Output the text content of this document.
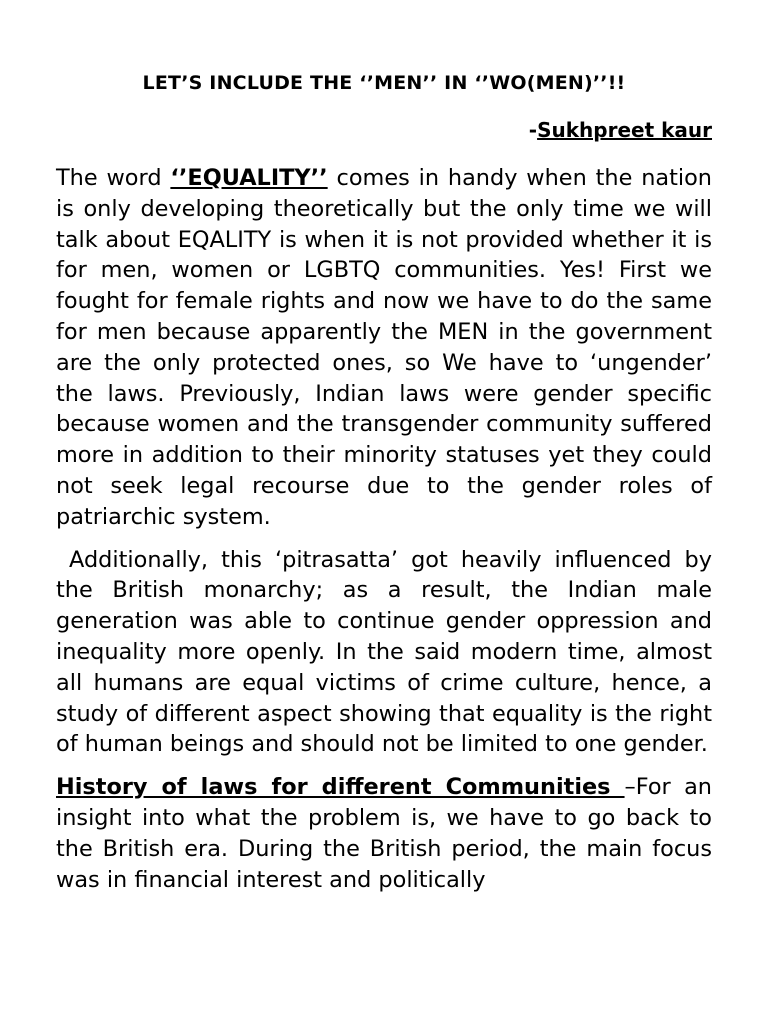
LET’S INCLUDE THE ‘’MEN’’ IN ‘’WO(MEN)’’!!
-Sukhpreet kaur

The word ‘’EQUALITY’’ comes in handy when the nation is only developing theoretically but the only time we will talk about EQALITY is when it is not provided whether it is for men, women or LGBTQ communities. Yes! First we fought for female rights and now we have to do the same for men because apparently the MEN in the government are the only protected ones, so We have to ‘ungender’ the laws. Previously, Indian laws were gender specific because women and the transgender community suffered more in addition to their minority statuses yet they could not seek legal recourse due to the gender roles of patriarchic system.

Additionally, this ‘pitrasatta’ got heavily influenced by the British monarchy; as a result, the Indian male generation was able to continue gender oppression and inequality more openly. In the said modern time, almost all humans are equal victims of crime culture, hence, a study of different aspect showing that equality is the right of human beings and should not be limited to one gender.

History of laws for different Communities –For an insight into what the problem is, we have to go back to the British era. During the British period, the main focus was in financial interest and politically
